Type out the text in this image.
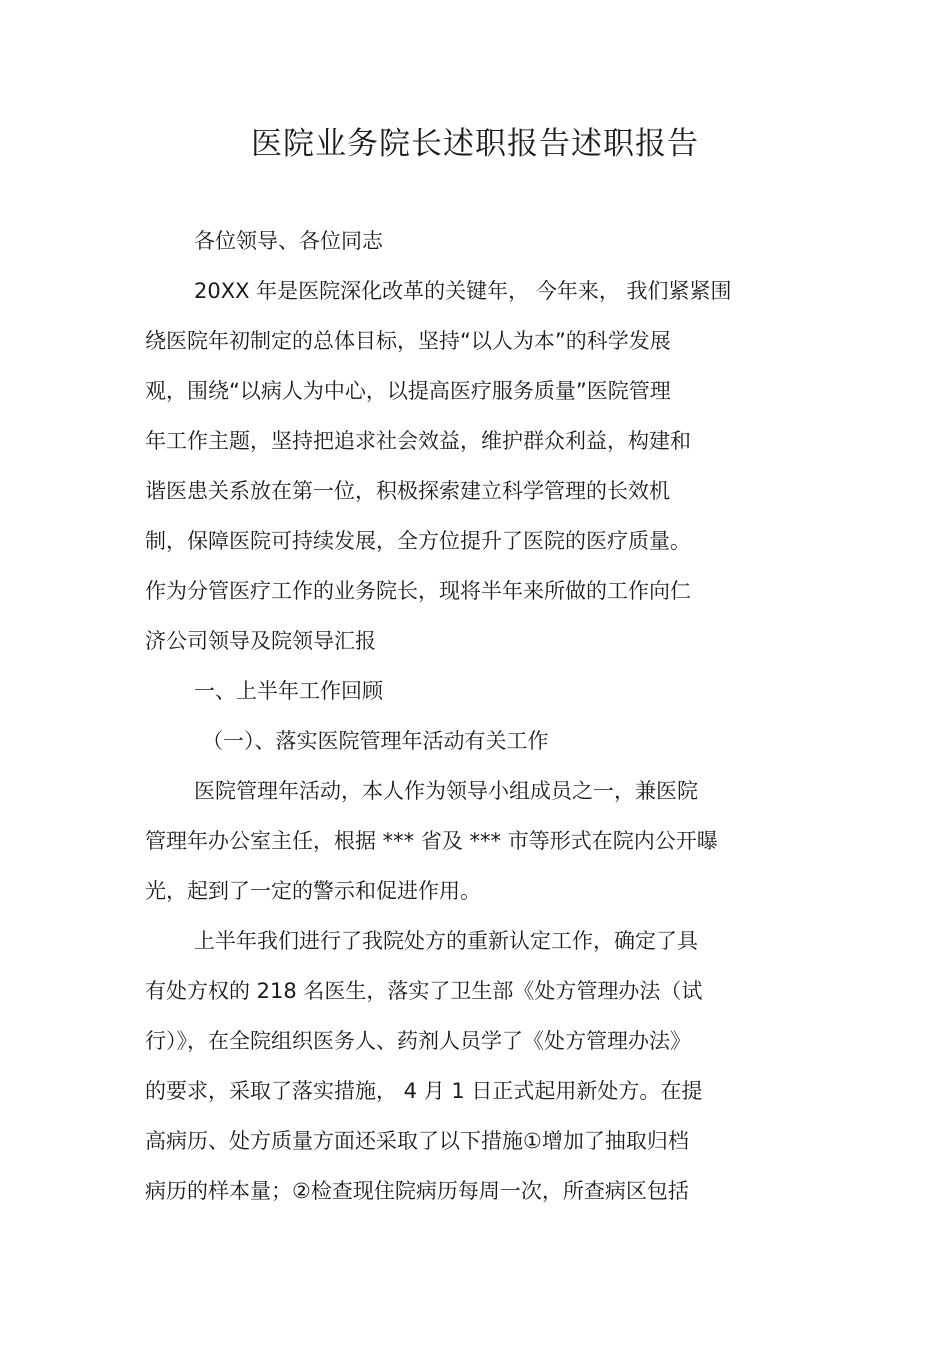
医院业务院长述职报告述职报告
各位领导、各位同志
20XX 年是医院深化改革的关键年， 今年来， 我们紧紧围
绕医院年初制定的总体目标，坚持“以人为本”的科学发展
观，围绕“以病人为中心，以提高医疗服务质量”医院管理
年工作主题，坚持把追求社会效益，维护群众利益，构建和
谐医患关系放在第一位，积极探索建立科学管理的长效机
制，保障医院可持续发展，全方位提升了医院的医疗质量。
作为分管医疗工作的业务院长，现将半年来所做的工作向仁
济公司领导及院领导汇报
一、上半年工作回顾
（一）、落实医院管理年活动有关工作
医院管理年活动，本人作为领导小组成员之一，兼医院
管理年办公室主任，根据 *** 省及 *** 市等形式在院内公开曝
光，起到了一定的警示和促进作用。
上半年我们进行了我院处方的重新认定工作，确定了具
有处方权的 218 名医生，落实了卫生部《处方管理办法（试
行）》，在全院组织医务人、药剂人员学了《处方管理办法》
的要求，采取了落实措施， 4 月 1 日正式起用新处方。在提
高病历、处方质量方面还采取了以下措施①增加了抽取归档
病历的样本量；②检查现住院病历每周一次，所查病区包括
